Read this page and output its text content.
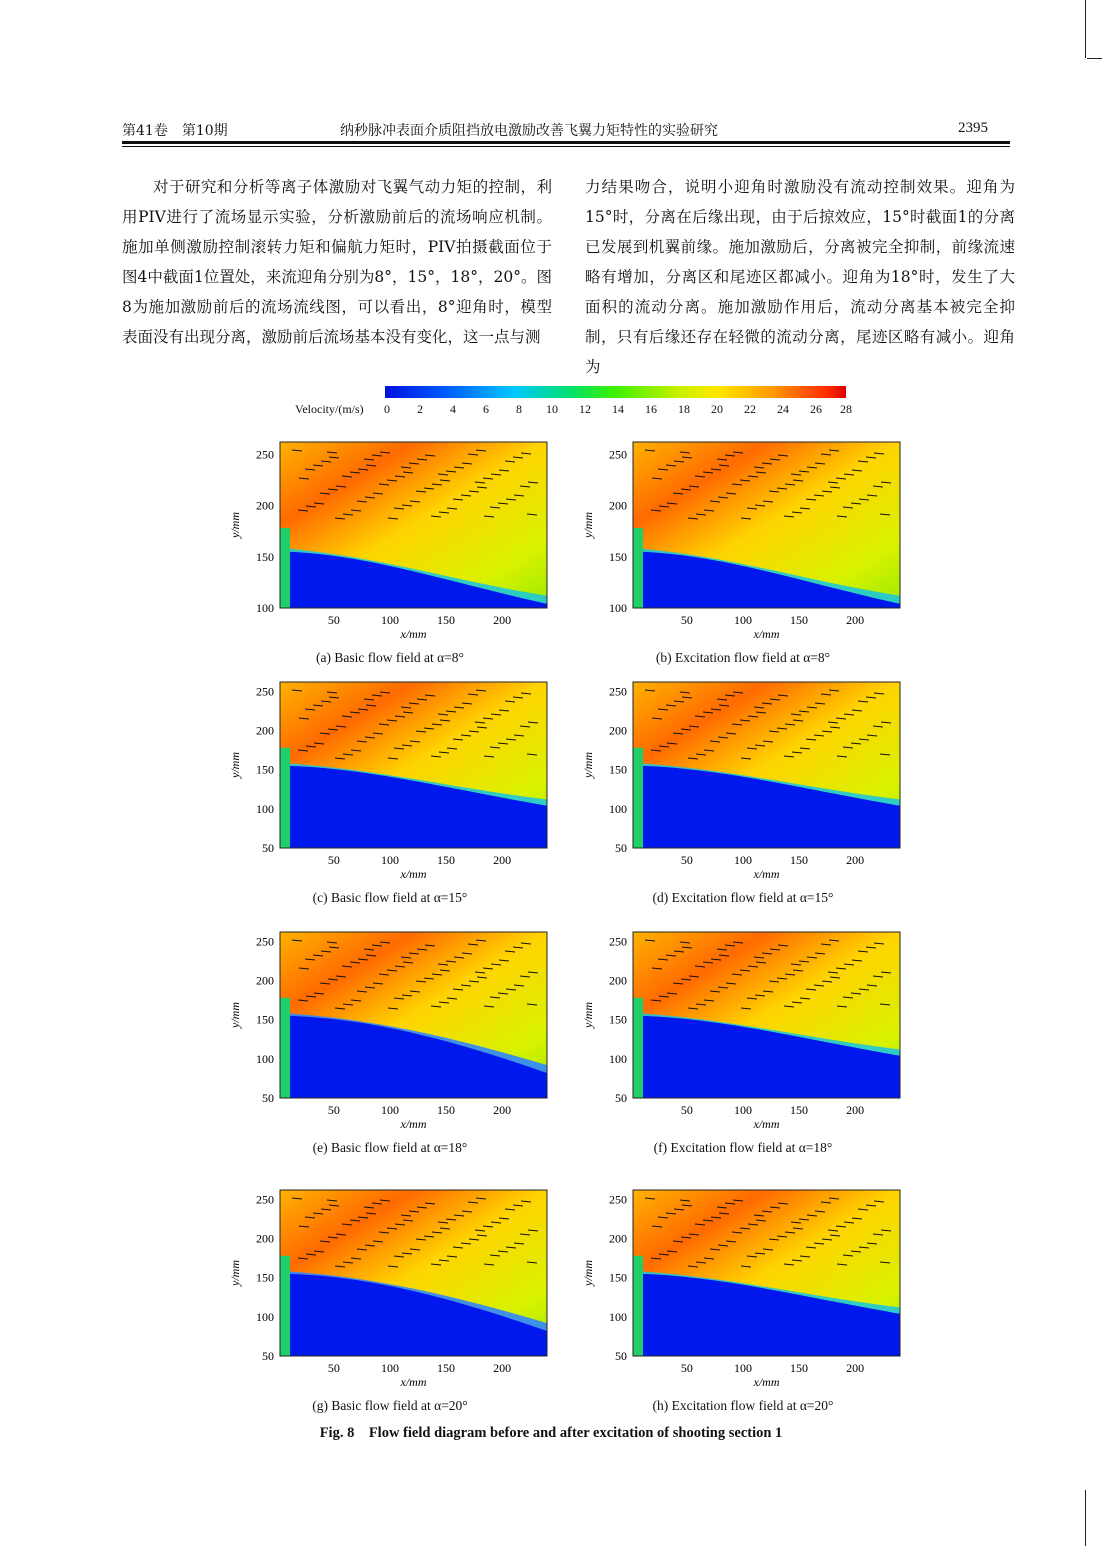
第41卷　第10期	纳秒脉冲表面介质阻挡放电激励改善飞翼力矩特性的实验研究	2395

对于研究和分析等离子体激励对飞翼气动力矩的控制，利用PIV进行了流场显示实验，分析激励前后的流场响应机制。施加单侧激励控制滚转力矩和偏航力矩时，PIV拍摄截面位于图4中截面1位置处，来流迎角分别为8°，15°，18°，20°。图8为施加激励前后的流场流线图，可以看出，8°迎角时，模型表面没有出现分离，激励前后流场基本没有变化，这一点与测

力结果吻合，说明小迎角时激励没有流动控制效果。迎角为15°时，分离在后缘出现，由于后掠效应，15°时截面1的分离已发展到机翼前缘。施加激励后，分离被完全抑制，前缘流速略有增加，分离区和尾迹区都减小。迎角为18°时，发生了大面积的流动分离。施加激励作用后，流动分离基本被完全抑制，只有后缘还存在轻微的流动分离，尾迹区略有减小。迎角为

Velocity/(m/s) 0 2 4 6 8 10 12 14 16 18 20 22 24 26 28
100
150
200
250
50	100	150	200
x/mm
y/mm
(a) Basic flow field at α=8°
100
150
200
250
50	100	150	200
x/mm
y/mm
(b) Excitation flow field at α=8°
50
100
150
200
250
50	100	150	200
x/mm
y/mm
(c) Basic flow field at α=15°
50
100
150
200
250
50	100	150	200
x/mm
y/mm
(d) Excitation flow field at α=15°
50
100
150
200
250
50	100	150	200
x/mm
y/mm
(e) Basic flow field at α=18°
50
100
150
200
250
50	100	150	200
x/mm
y/mm
(f) Excitation flow field at α=18°
50
100
150
200
250
50	100	150	200
x/mm
y/mm
(g) Basic flow field at α=20°
50
100
150
200
250
50	100	150	200
x/mm
y/mm
(h) Excitation flow field at α=20°
Fig. 8　Flow field diagram before and after excitation of shooting section 1
